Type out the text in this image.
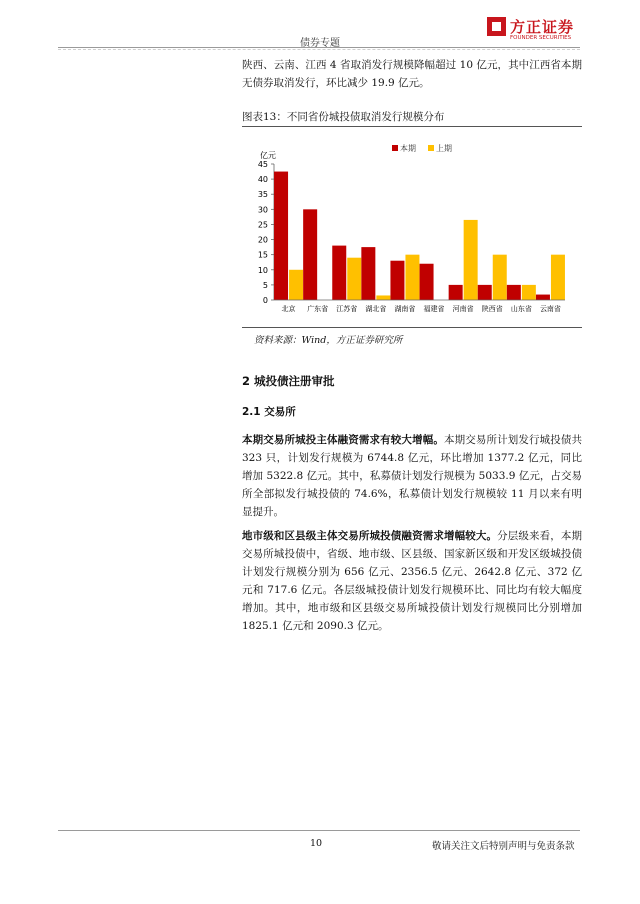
债券专题
方正证券
FOUNDER SECURITIES
陕西、云南、江西 4 省取消发行规模降幅超过 10 亿元，其中江西省本期无债券取消发行，环比减少 19.9 亿元。
图表13：不同省份城投债取消发行规模分布
本期	上期
亿元
0
5
10
15
20
25
30
35
40
45
北京 广东省 江苏省 湖北省 湖南省 福建省 河南省 陕西省 山东省 云南省
资料来源：Wind，方正证券研究所
2 城投债注册审批
2.1 交易所
本期交易所城投主体融资需求有较大增幅。本期交易所计划发行城投债共 323 只，计划发行规模为 6744.8 亿元，环比增加 1377.2 亿元，同比增加 5322.8 亿元。其中，私募债计划发行规模为 5033.9 亿元，占交易所全部拟发行城投债的 74.6%，私募债计划发行规模较 11 月以来有明显提升。
地市级和区县级主体交易所城投债融资需求增幅较大。分层级来看，本期交易所城投债中，省级、地市级、区县级、国家新区级和开发区级城投债计划发行规模分别为 656 亿元、2356.5 亿元、2642.8 亿元、372 亿元和 717.6 亿元。各层级城投债计划发行规模环比、同比均有较大幅度增加。其中，地市级和区县级交易所城投债计划发行规模同比分别增加 1825.1 亿元和 2090.3 亿元。
10	敬请关注文后特别声明与免责条款
